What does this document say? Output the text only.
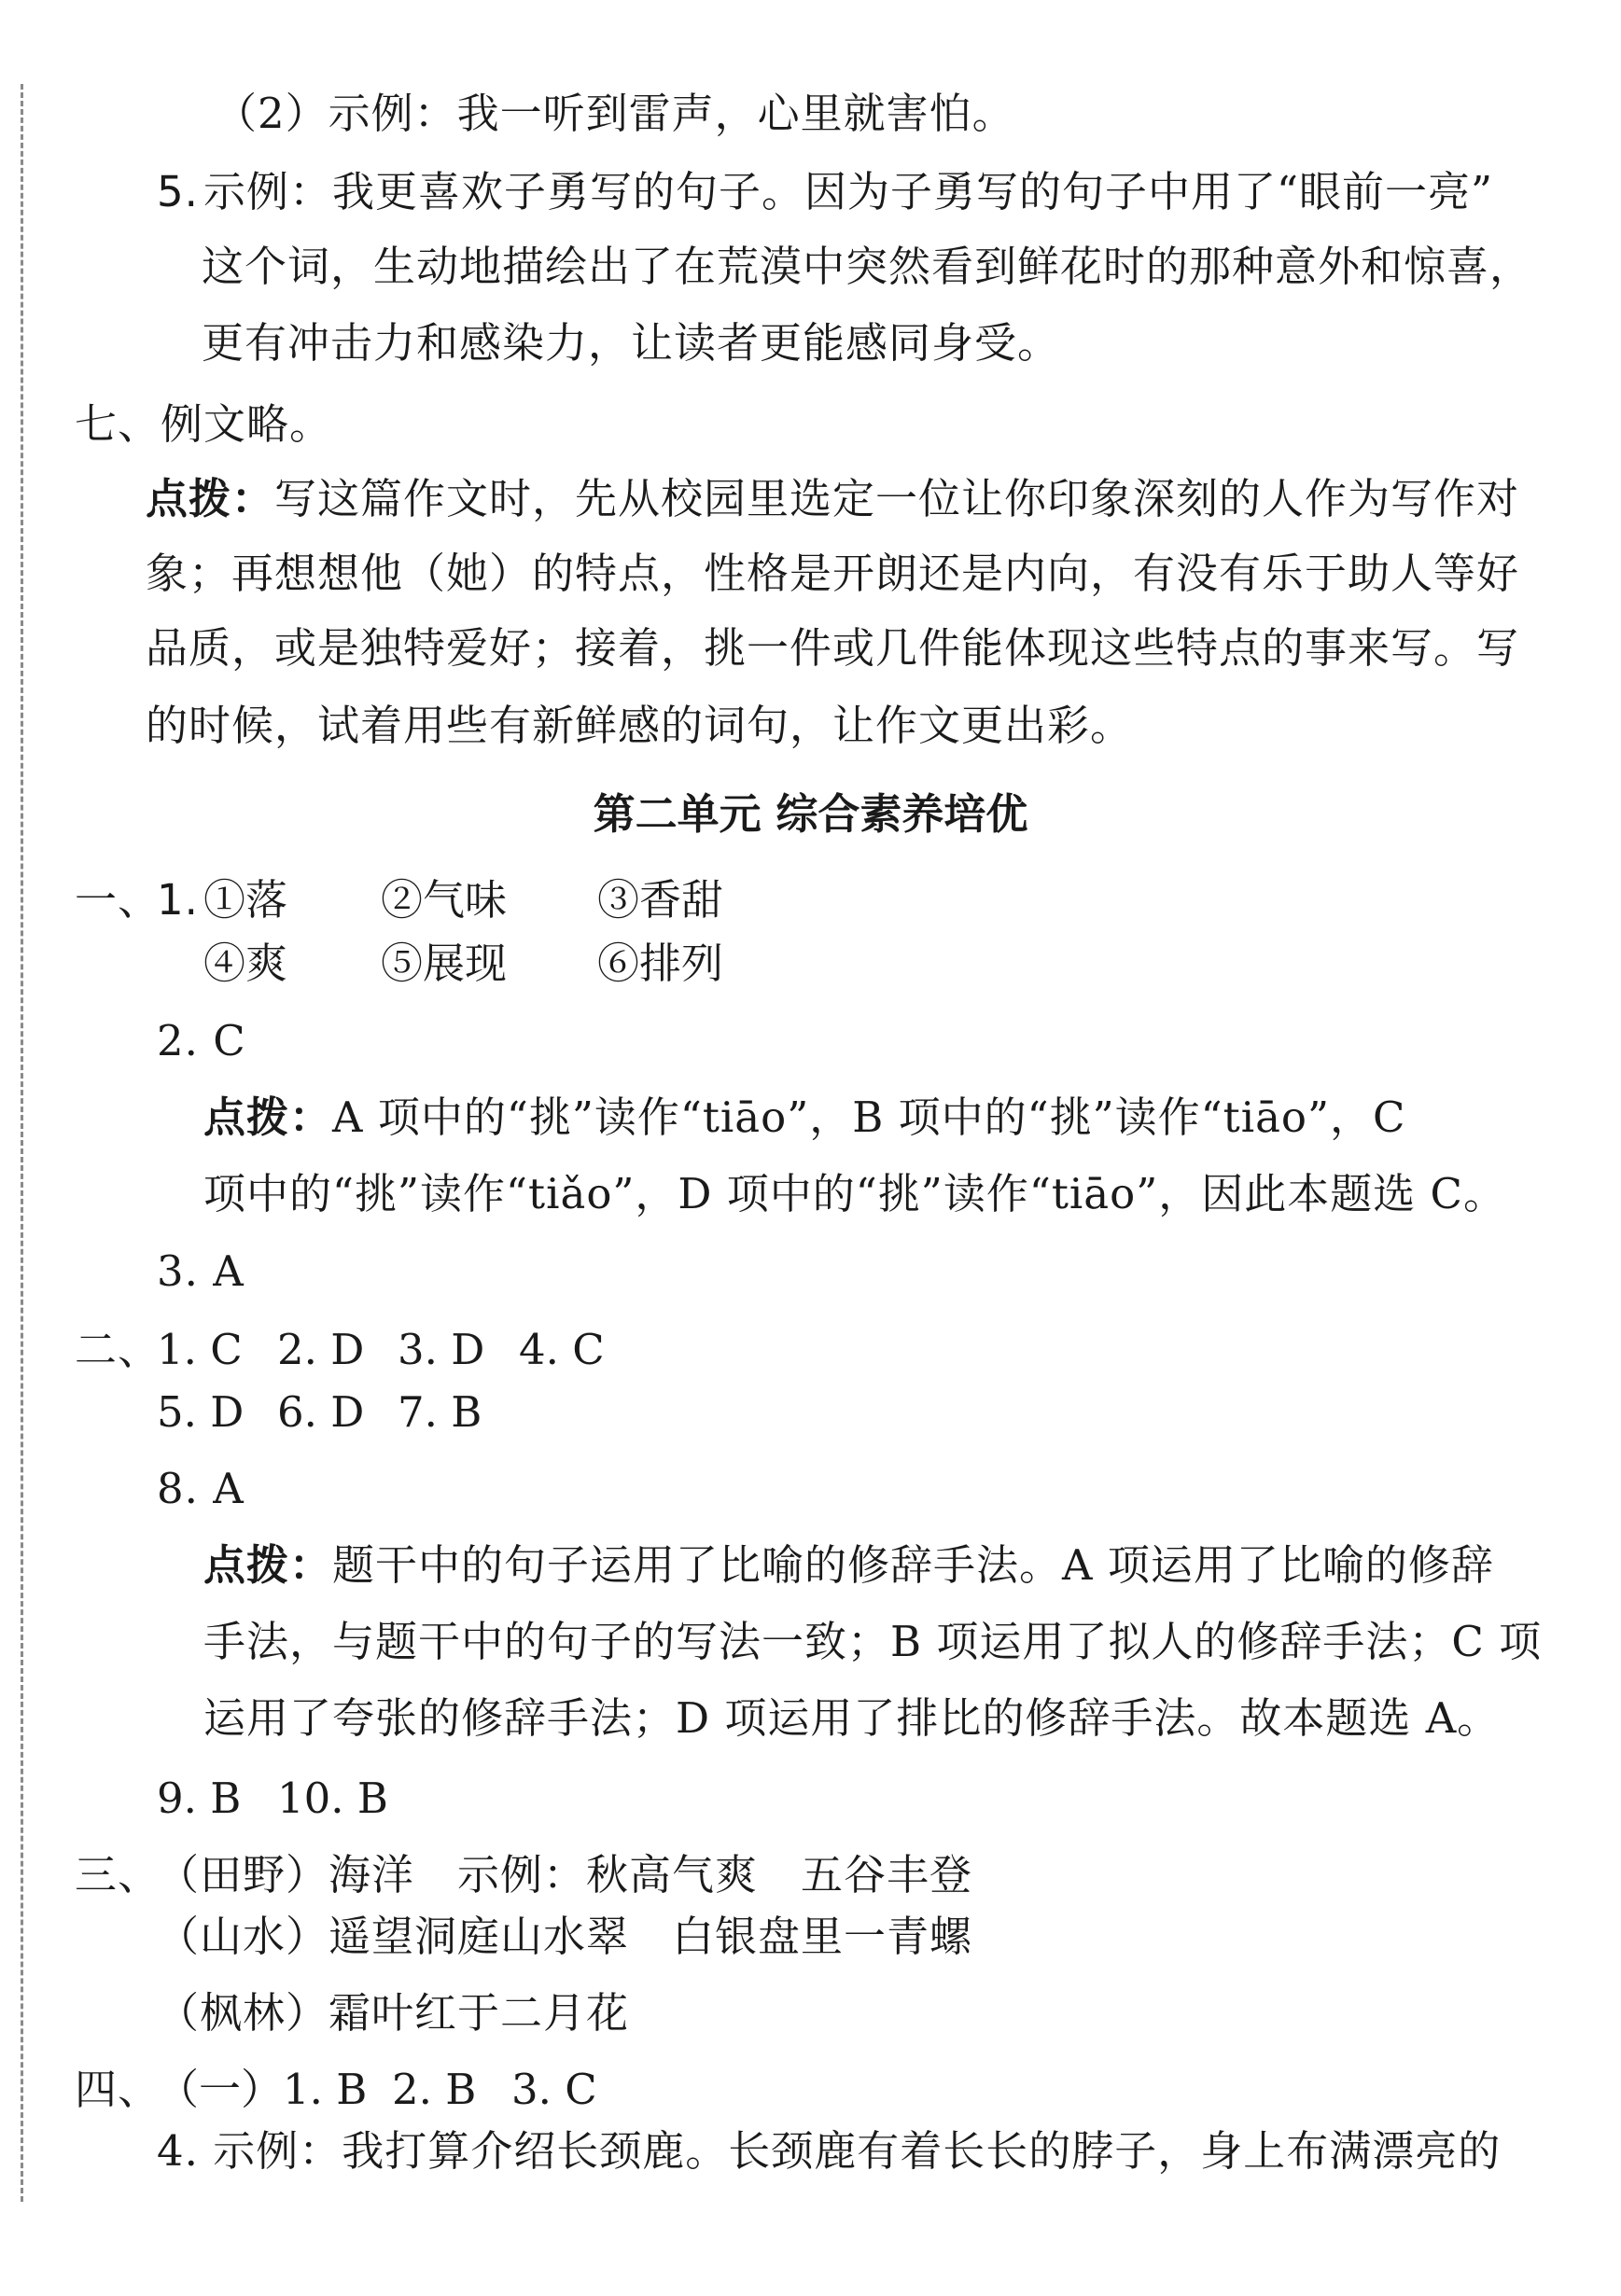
（2）示例：我一听到雷声，心里就害怕。
5. 示例：我更喜欢子勇写的句子。因为子勇写的句子中用了“眼前一亮”
这个词，生动地描绘出了在荒漠中突然看到鲜花时的那种意外和惊喜，
更有冲击力和感染力，让读者更能感同身受。
七、例文略。
点拨：写这篇作文时，先从校园里选定一位让你印象深刻的人作为写作对
象；再想想他（她）的特点，性格是开朗还是内向，有没有乐于助人等好
品质，或是独特爱好；接着，挑一件或几件能体现这些特点的事来写。写
的时候，试着用些有新鲜感的词句，让作文更出彩。
第二单元 综合素养培优
一、
1. ①落 ②气味 ③香甜
④爽 ⑤展现 ⑥排列
2. C
点拨：A 项中的“挑”读作“tiāo”，B 项中的“挑”读作“tiāo”，C
项中的“挑”读作“tiǎo”，D 项中的“挑”读作“tiāo”，因此本题选 C。
3. A
二、
1. C 2. D 3. D 4. C
5. D 6. D 7. B
8. A
点拨：题干中的句子运用了比喻的修辞手法。A 项运用了比喻的修辞
手法，与题干中的句子的写法一致；B 项运用了拟人的修辞手法；C 项
运用了夸张的修辞手法；D 项运用了排比的修辞手法。故本题选 A。
9. B 10. B
三、
（田野）海洋　示例：秋高气爽　五谷丰登
（山水）遥望洞庭山水翠　白银盘里一青螺
（枫林）霜叶红于二月花
四、
（一）1. B 2. B 3. C
4. 示例：我打算介绍长颈鹿。长颈鹿有着长长的脖子，身上布满漂亮的
